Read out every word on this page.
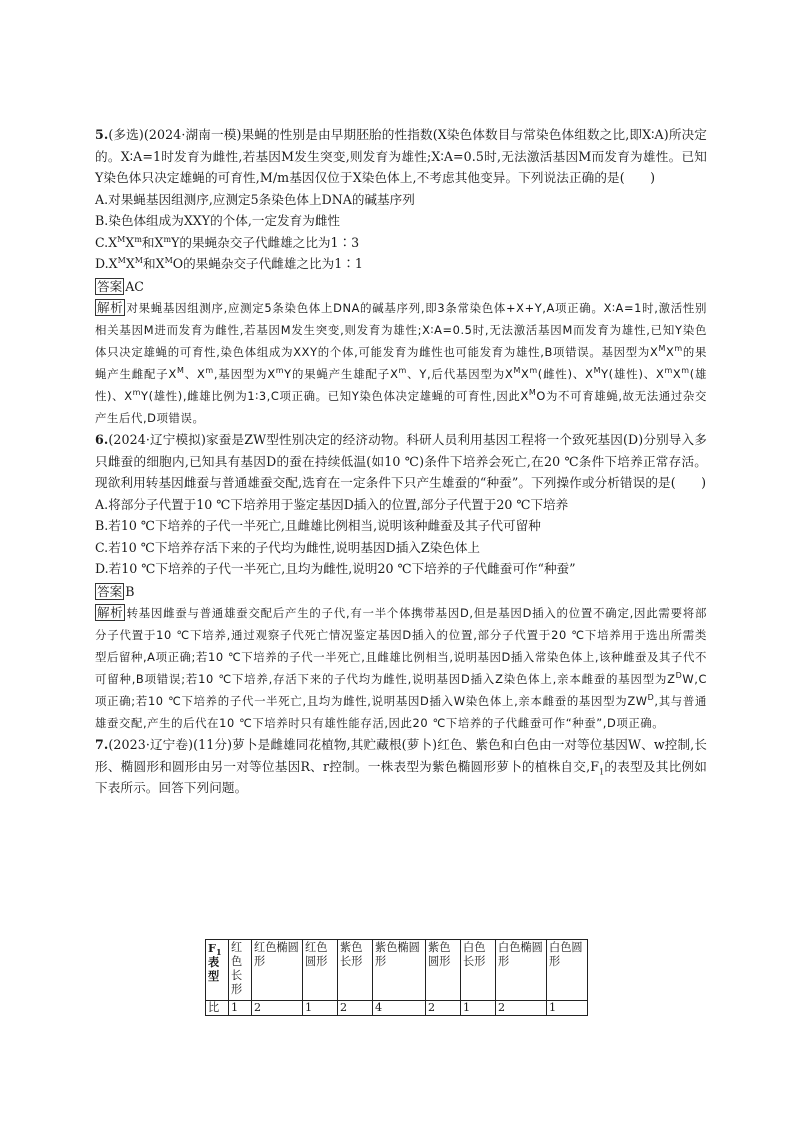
5.(多选)(2024·湖南一模)果蝇的性别是由早期胚胎的性指数(X染色体数目与常染色体组数之比,即X∶A)所决定的。X∶A=1时发育为雌性,若基因M发生突变,则发育为雄性;X∶A=0.5时,无法激活基因M而发育为雄性。已知Y染色体只决定雄蝇的可育性,M/m基因仅位于X染色体上,不考虑其他变异。下列说法正确的是(　　)

A.对果蝇基因组测序,应测定5条染色体上DNA的碱基序列

B.染色体组成为XXY的个体,一定发育为雌性

$C.X^MX^m$和$X^mY$的果蝇杂交子代雌雄之比为1∶3

$D.X^MX^M$和$X^MO$的果蝇杂交子代雌雄之比为1∶1

答案 AC

解析 对果蝇基因组测序,应测定5条染色体上DNA的碱基序列,即3条常染色体+X+Y,A项正确。X∶A=1时,激活性别相关基因M进而发育为雌性,若基因M发生突变,则发育为雄性;X∶A=0.5时,无法激活基因M而发育为雄性,已知Y染色体只决定雄蝇的可育性,染色体组成为XXY的个体,可能发育为雌性也可能发育为雄性,B项错误。基因型为$X^MX^m$的果蝇产生雌配子$X^M$、$X^m$,基因型为$X^mY$的果蝇产生雄配子$X^m$、Y,后代基因型为$X^MX^m$(雌性)、$X^MY$(雄性)、$X^mX^m$(雄性)、$X^mY$(雄性),雌雄比例为1∶3,C项正确。已知Y染色体决定雄蝇的可育性,因此$X^MO$为不可育雄蝇,故无法通过杂交产生后代,D项错误。

6.(2024·辽宁模拟)家蚕是ZW型性别决定的经济动物。科研人员利用基因工程将一个致死基因(D)分别导入多只雌蚕的细胞内,已知具有基因D的蚕在持续低温(如10 ℃)条件下培养会死亡,在20 ℃条件下培养正常存活。现欲利用转基因雌蚕与普通雄蚕交配,选育在一定条件下只产生雄蚕的“种蚕”。下列操作或分析错误的是(　　)

A.将部分子代置于10 ℃下培养用于鉴定基因D插入的位置,部分子代置于20 ℃下培养

B.若10 ℃下培养的子代一半死亡,且雌雄比例相当,说明该种雌蚕及其子代可留种

C.若10 ℃下培养存活下来的子代均为雌性,说明基因D插入Z染色体上

D.若10 ℃下培养的子代一半死亡,且均为雌性,说明20 ℃下培养的子代雌蚕可作“种蚕”

答案 B

解析 转基因雌蚕与普通雄蚕交配后产生的子代,有一半个体携带基因D,但是基因D插入的位置不确定,因此需要将部分子代置于10 ℃下培养,通过观察子代死亡情况鉴定基因D插入的位置,部分子代置于20 ℃下培养用于选出所需类型后留种,A项正确;若10 ℃下培养的子代一半死亡,且雌雄比例相当,说明基因D插入常染色体上,该种雌蚕及其子代不可留种,B项错误;若10 ℃下培养,存活下来的子代均为雌性,说明基因D插入Z染色体上,亲本雌蚕的基因型为$Z^DW,C$项正确;若10 ℃下培养的子代一半死亡,且均为雌性,说明基因D插入W染色体上,亲本雌蚕的基因型为$ZW^D$,其与普通雄蚕交配,产生的后代在10 ℃下培养时只有雄性能存活,因此20 ℃下培养的子代雌蚕可作“种蚕”,D项正确。

7.(2023·辽宁卷)(11分)萝卜是雌雄同花植物,其贮藏根(萝卜)红色、紫色和白色由一对等位基因W、w控制,长形、椭圆形和圆形由另一对等位基因R、r控制。一株表型为紫色椭圆形萝卜的植株自交$,F_1$的表型及其比例如下表所示。回答下列问题。

$F_1$表型	红色长形	红色椭圆形	红色圆形	紫色长形	紫色椭圆形	紫色圆形	白色长形	白色椭圆形	白色圆形
比	1	2	1	2	4	2	1	2	1
